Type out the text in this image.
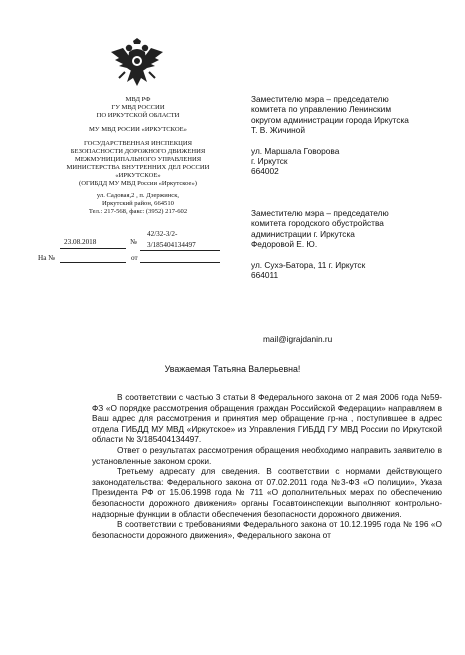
МВД РФ
ГУ МВД РОССИИ
ПО ИРКУТСКОЙ ОБЛАСТИ
МУ МВД РОСИИ «ИРКУТСКОЕ»
ГОСУДАРСТВЕННАЯ ИНСПЕКЦИЯ
БЕЗОПАСНОСТИ ДОРОЖНОГО ДВИЖЕНИЯ
МЕЖМУНИЦИПАЛЬНОГО УПРАВЛЕНИЯ
МИНИСТЕРСТВА ВНУТРЕННИХ ДЕЛ РОССИИ
«ИРКУТСКОЕ»
(ОГИБДД МУ МВД России «Иркутское»)
ул. Садовая,2 , п. Дзержинск,
Иркутский район, 664510
Тел.: 217-568, факс: (3952) 217-602
23.08.2018	№
42/32-3/2-
3/185404134497
На №	от
Заместителю мэра – председателю
комитета по управлению Ленинским
округом администрации города Иркутска
Т. В. Жичиной
ул. Маршала Говорова
г. Иркутск
664002
Заместителю мэра – председателю
комитета городского обустройства
администрации г. Иркутска
Федоровой Е. Ю.
ул. Сухэ-Батора, 11 г. Иркутск
664011
mail@igrajdanin.ru
Уважаемая Татьяна Валерьевна!

В соответствии с частью 3 статьи 8 Федерального закона от 2 мая 2006 года №59-ФЗ «О порядке рассмотрения обращения граждан Российской Федерации» направляем в Ваш адрес для рассмотрения и принятия мер обращение гр-на , поступившее в адрес отдела ГИБДД МУ МВД «Иркутское» из Управления ГИБДД ГУ МВД России по Иркутской области № 3/185404134497.

Ответ о результатах рассмотрения обращения необходимо направить заявителю в установленные законом сроки.

Третьему адресату для сведения. В соответствии с нормами действующего законодательства: Федерального закона от 07.02.2011 года №3-ФЗ «О полиции», Указа Президента РФ от 15.06.1998 года № 711 «О дополнительных мерах по обеспечению безопасности дорожного движения» органы Госавтоинспекции выполняют контрольно-надзорные функции в области обеспечения безопасности дорожного движения.

В соответствии с требованиями Федерального закона от 10.12.1995 года № 196 «О безопасности дорожного движения», Федерального закона от
